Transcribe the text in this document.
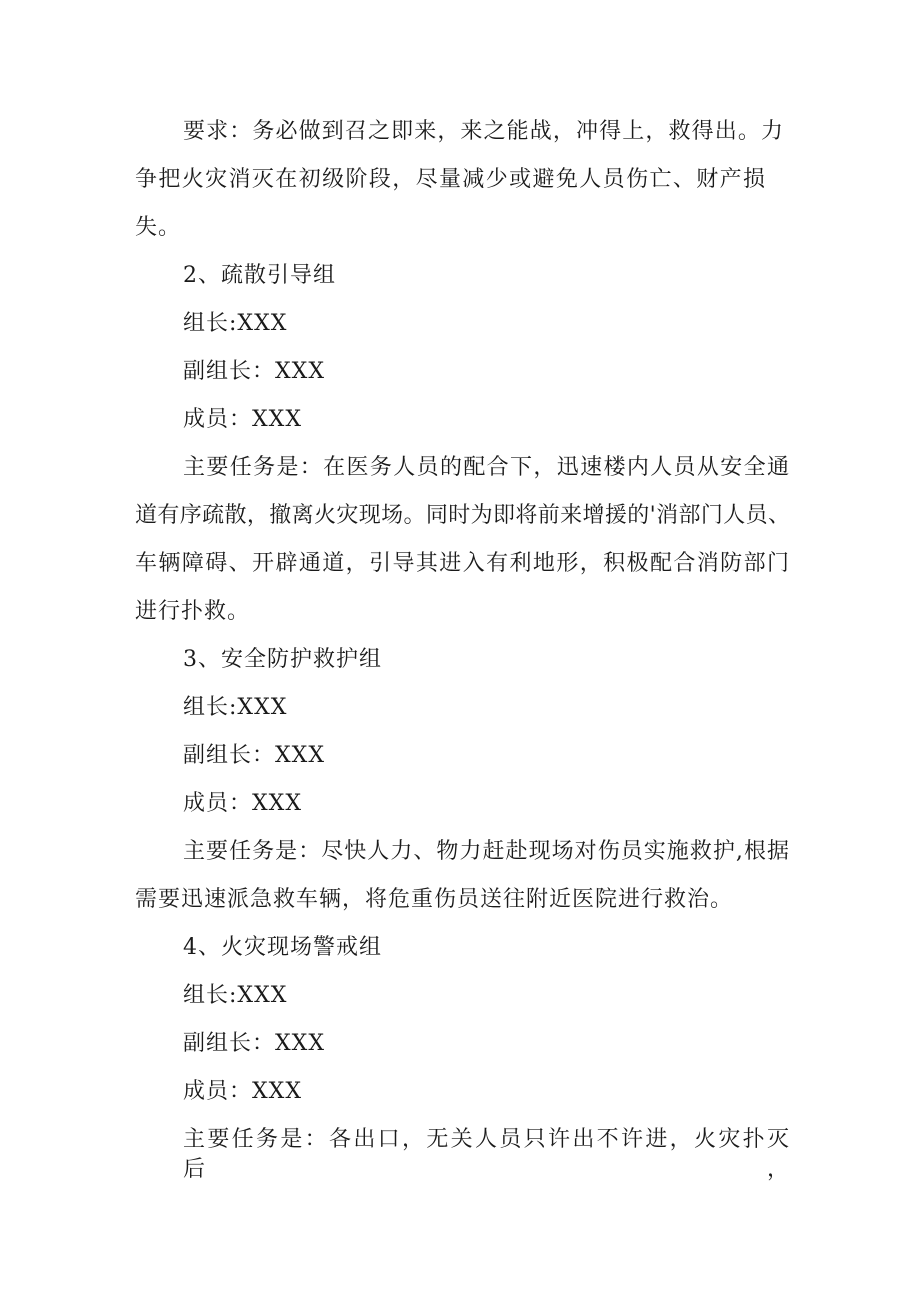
要求：务必做到召之即来，来之能战，冲得上，救得出。力

争把火灾消灭在初级阶段，尽量减少或避免人员伤亡、财产损

失。

2、疏散引导组

组长:XXX

副组长：XXX

成员：XXX

主要任务是：在医务人员的配合下，迅速楼内人员从安全通

道有序疏散，撤离火灾现场。同时为即将前来增援的'消部门人员、

车辆障碍、开辟通道，引导其进入有利地形，积极配合消防部门

进行扑救。

3、安全防护救护组

组长:XXX

副组长：XXX

成员：XXX

主要任务是：尽快人力、物力赶赴现场对伤员实施救护,根据

需要迅速派急救车辆，将危重伤员送往附近医院进行救治。

4、火灾现场警戒组

组长:XXX

副组长：XXX

成员：XXX

主要任务是：各出口，无关人员只许出不许进，火灾扑灭后，
